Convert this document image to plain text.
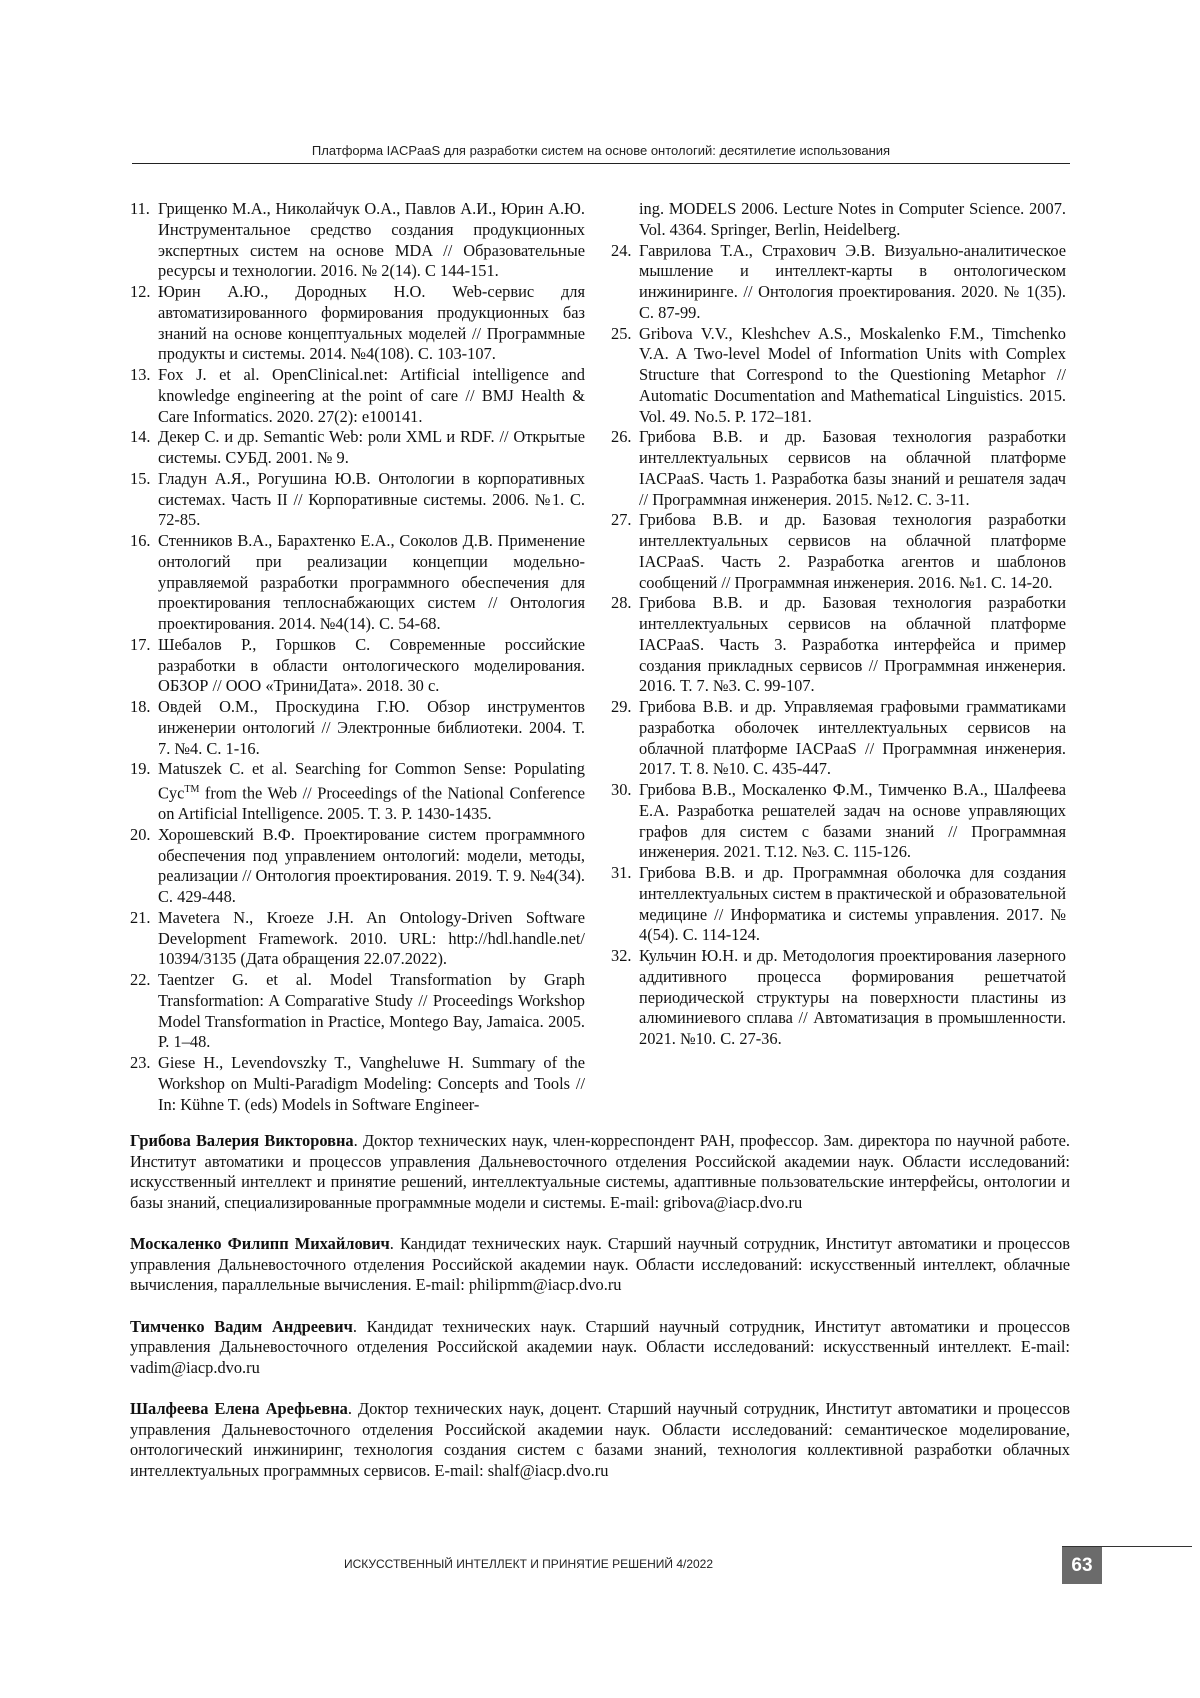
Платформа IACPaaS для разработки систем на основе онтологий: десятилетие использования
11. Грищенко М.А., Николайчук О.А., Павлов А.И., Юрин А.Ю. Инструментальное средство создания продукционных экспертных систем на основе MDA // Образовательные ресурсы и технологии. 2016. № 2(14). С 144-151.
12. Юрин А.Ю., Дородных Н.О. Web-сервис для автоматизированного формирования продукционных баз знаний на основе концептуальных моделей // Программные продукты и системы. 2014. №4(108). С. 103-107.
13. Fox J. et al. OpenClinical.net: Artificial intelligence and knowledge engineering at the point of care // BMJ Health & Care Informatics. 2020. 27(2): e100141.
14. Декер С. и др. Semantic Web: роли XML и RDF. // Открытые системы. СУБД. 2001. № 9.
15. Гладун А.Я., Рогушина Ю.В. Онтологии в корпоративных системах. Часть II // Корпоративные системы. 2006. №1. С. 72-85.
16. Стенников В.А., Барахтенко Е.А., Соколов Д.В. Применение онтологий при реализации концепции модельно-управляемой разработки программного обеспечения для проектирования теплоснабжающих систем // Онтология проектирования. 2014. №4(14). С. 54-68.
17. Шебалов Р., Горшков С. Современные российские разработки в области онтологического моделирования. ОБЗОР // ООО «ТриниДата». 2018. 30 с.
18. Овдей О.М., Проскудина Г.Ю. Обзор инструментов инженерии онтологий // Электронные библиотеки. 2004. Т. 7. №4. С. 1-16.
19. Matuszek C. et al. Searching for Common Sense: Populating CycTM from the Web // Proceedings of the National Conference on Artificial Intelligence. 2005. Т. 3. Р. 1430-1435.
20. Хорошевский В.Ф. Проектирование систем программного обеспечения под управлением онтологий: модели, методы, реализации // Онтология проектирования. 2019. Т. 9. №4(34). С. 429-448.
21. Mavetera N., Kroeze J.H. An Ontology-Driven Software Development Framework. 2010. URL: http://hdl.handle.net/ 10394/3135 (Дата обращения 22.07.2022).
22. Taentzer G. et al. Model Transformation by Graph Transformation: A Comparative Study // Proceedings Workshop Model Transformation in Practice, Montego Bay, Jamaica. 2005. P. 1–48.
23. Giese H., Levendovszky T., Vangheluwe H. Summary of the Workshop on Multi-Paradigm Modeling: Concepts and Tools // In: Kühne T. (eds) Models in Software Engineer-
ing. MODELS 2006. Lecture Notes in Computer Science. 2007. Vol. 4364. Springer, Berlin, Heidelberg.
24. Гаврилова Т.А., Страхович Э.В. Визуально-аналитическое мышление и интеллект-карты в онтологическом инжиниринге. // Онтология проектирования. 2020. № 1(35). С. 87-99.
25. Gribova V.V., Kleshchev A.S., Moskalenko F.M., Timchenko V.A. A Two-level Model of Information Units with Complex Structure that Correspond to the Questioning Metaphor // Automatic Documentation and Mathematical Linguistics. 2015. Vol. 49. No.5. P. 172–181.
26. Грибова В.В. и др. Базовая технология разработки интеллектуальных сервисов на облачной платформе IACPaaS. Часть 1. Разработка базы знаний и решателя задач // Программная инженерия. 2015. №12. С. 3-11.
27. Грибова В.В. и др. Базовая технология разработки интеллектуальных сервисов на облачной платформе IACPaaS. Часть 2. Разработка агентов и шаблонов сообщений // Программная инженерия. 2016. №1. С. 14-20.
28. Грибова В.В. и др. Базовая технология разработки интеллектуальных сервисов на облачной платформе IACPaaS. Часть 3. Разработка интерфейса и пример создания прикладных сервисов // Программная инженерия. 2016. Т. 7. №3. С. 99-107.
29. Грибова В.В. и др. Управляемая графовыми грамматиками разработка оболочек интеллектуальных сервисов на облачной платформе IACPaaS // Программная инженерия. 2017. Т. 8. №10. С. 435-447.
30. Грибова В.В., Москаленко Ф.М., Тимченко В.А., Шалфеева Е.А. Разработка решателей задач на основе управляющих графов для систем с базами знаний // Программная инженерия. 2021. Т.12. №3. С. 115-126.
31. Грибова В.В. и др. Программная оболочка для создания интеллектуальных систем в практической и образовательной медицине // Информатика и системы управления. 2017. № 4(54). С. 114-124.
32. Кульчин Ю.Н. и др. Методология проектирования лазерного аддитивного процесса формирования решетчатой периодической структуры на поверхности пластины из алюминиевого сплава // Автоматизация в промышленности. 2021. №10. С. 27-36.

Грибова Валерия Викторовна. Доктор технических наук, член-корреспондент РАН, профессор. Зам. директора по научной работе. Институт автоматики и процессов управления Дальневосточного отделения Российской академии наук. Области исследований: искусственный интеллект и принятие решений, интеллектуальные системы, адаптивные пользовательские интерфейсы, онтологии и базы знаний, специализированные программные модели и системы. E-mail: gribova@iacp.dvo.ru

Москаленко Филипп Михайлович. Кандидат технических наук. Старший научный сотрудник, Институт автоматики и процессов управления Дальневосточного отделения Российской академии наук. Области исследований: искусственный интеллект, облачные вычисления, параллельные вычисления. E-mail: philipmm@iacp.dvo.ru

Тимченко Вадим Андреевич. Кандидат технических наук. Старший научный сотрудник, Институт автоматики и процессов управления Дальневосточного отделения Российской академии наук. Области исследований: искусственный интеллект. E-mail: vadim@iacp.dvo.ru

Шалфеева Елена Арефьевна. Доктор технических наук, доцент. Старший научный сотрудник, Институт автоматики и процессов управления Дальневосточного отделения Российской академии наук. Области исследований: семантическое моделирование, онтологический инжиниринг, технология создания систем с базами знаний, технология коллективной разработки облачных интеллектуальных программных сервисов. E-mail: shalf@iacp.dvo.ru

ИСКУССТВЕННЫЙ ИНТЕЛЛЕКТ И ПРИНЯТИЕ РЕШЕНИЙ 4/2022	63
